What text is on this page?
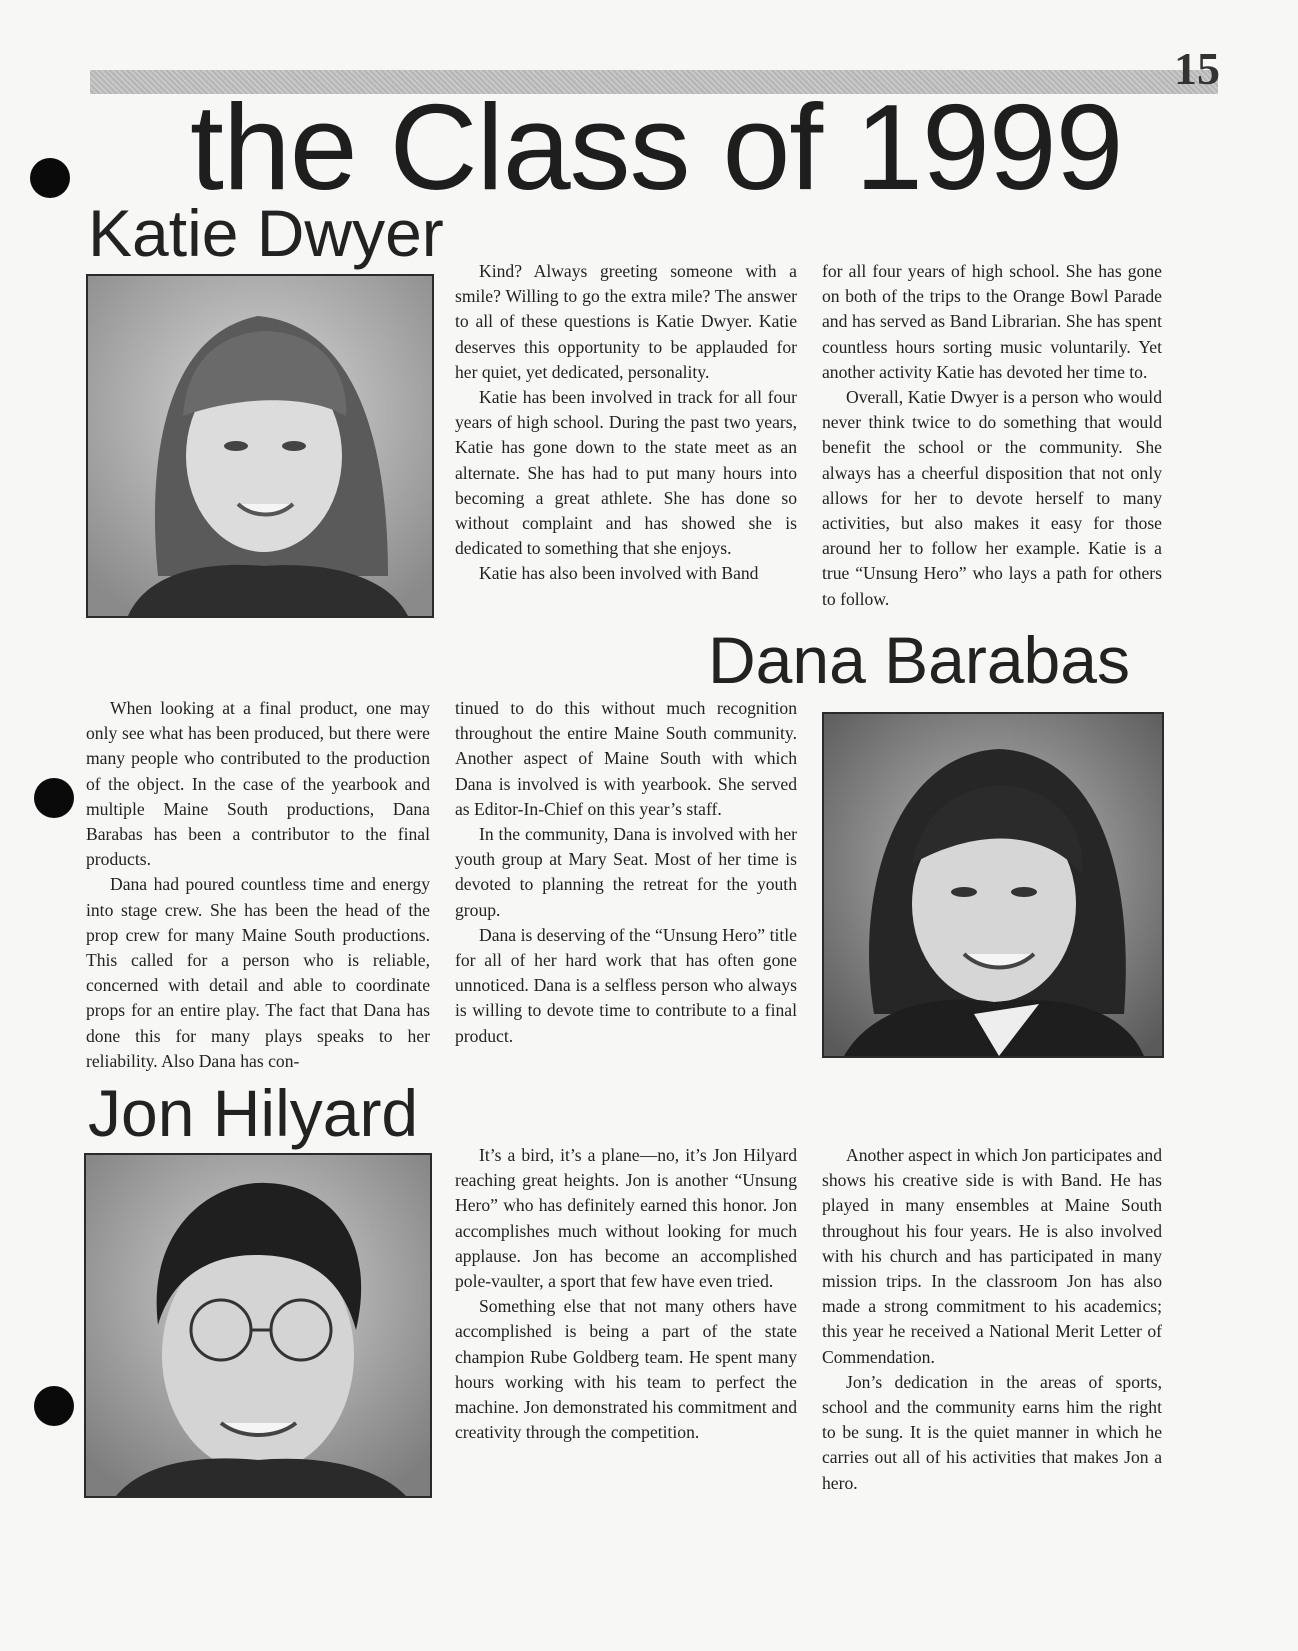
15
the Class of 1999
Katie Dwyer

Kind? Always greeting someone with a smile? Willing to go the extra mile? The answer to all of these questions is Katie Dwyer. Katie deserves this opportunity to be applauded for her quiet, yet dedicated, personality.

Katie has been involved in track for all four years of high school. During the past two years, Katie has gone down to the state meet as an alternate. She has had to put many hours into becoming a great athlete. She has done so without complaint and has showed she is dedicated to something that she enjoys.

Katie has also been involved with Band

for all four years of high school. She has gone on both of the trips to the Orange Bowl Parade and has served as Band Librarian. She has spent countless hours sorting music voluntarily. Yet another activity Katie has devoted her time to.

Overall, Katie Dwyer is a person who would never think twice to do something that would benefit the school or the community. She always has a cheerful disposition that not only allows for her to devote herself to many activities, but also makes it easy for those around her to follow her example. Katie is a true “Unsung Hero” who lays a path for others to follow.

Dana Barabas

When looking at a final product, one may only see what has been produced, but there were many people who contributed to the production of the object. In the case of the yearbook and multiple Maine South productions, Dana Barabas has been a contributor to the final products.

Dana had poured countless time and energy into stage crew. She has been the head of the prop crew for many Maine South productions. This called for a person who is reliable, concerned with detail and able to coordinate props for an entire play. The fact that Dana has done this for many plays speaks to her reliability. Also Dana has con-

tinued to do this without much recognition throughout the entire Maine South community. Another aspect of Maine South with which Dana is involved is with yearbook. She served as Editor-In-Chief on this year’s staff.

In the community, Dana is involved with her youth group at Mary Seat. Most of her time is devoted to planning the retreat for the youth group.

Dana is deserving of the “Unsung Hero” title for all of her hard work that has often gone unnoticed. Dana is a selfless person who always is willing to devote time to contribute to a final product.

Jon Hilyard

It’s a bird, it’s a plane—no, it’s Jon Hilyard reaching great heights. Jon is another “Unsung Hero” who has definitely earned this honor. Jon accomplishes much without looking for much applause. Jon has become an accomplished pole-vaulter, a sport that few have even tried.

Something else that not many others have accomplished is being a part of the state champion Rube Goldberg team. He spent many hours working with his team to perfect the machine. Jon demonstrated his commitment and creativity through the competition.

Another aspect in which Jon participates and shows his creative side is with Band. He has played in many ensembles at Maine South throughout his four years. He is also involved with his church and has participated in many mission trips. In the classroom Jon has also made a strong commitment to his academics; this year he received a National Merit Letter of Commendation.

Jon’s dedication in the areas of sports, school and the community earns him the right to be sung. It is the quiet manner in which he carries out all of his activities that makes Jon a hero.
